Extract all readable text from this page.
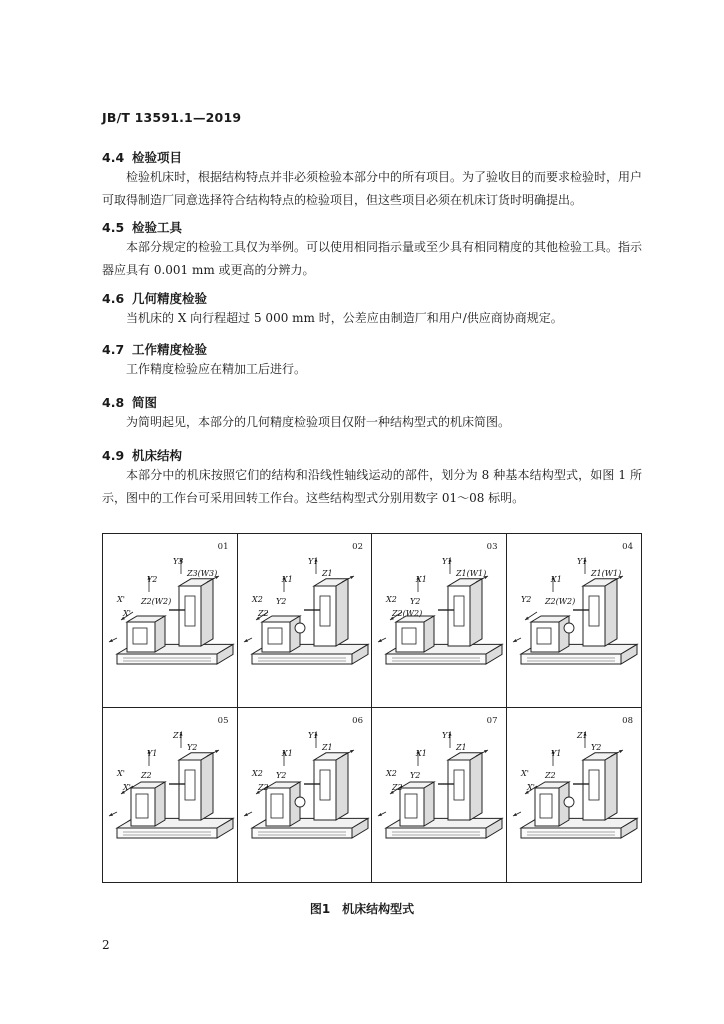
JB/T 13591.1—2019
4.4 检验项目

检验机床时，根据结构特点并非必须检验本部分中的所有项目。为了验收目的而要求检验时，用户可取得制造厂同意选择符合结构特点的检验项目，但这些项目必须在机床订货时明确提出。

4.5 检验工具

本部分规定的检验工具仅为举例。可以使用相同指示量或至少具有相同精度的其他检验工具。指示器应具有 0.001 mm 或更高的分辨力。

4.6 几何精度检验

当机床的 X 向行程超过 5 000 mm 时，公差应由制造厂和用户/供应商协商规定。

4.7 工作精度检验

工作精度检验应在精加工后进行。

4.8 简图

为简明起见，本部分的几何精度检验项目仅附一种结构型式的机床简图。

4.9 机床结构

本部分中的机床按照它们的结构和沿线性轴线运动的部件，划分为 8 种基本结构型式，如图 1 所示，图中的工作台可采用回转工作台。这些结构型式分别用数字 01～08 标明。

01
Y2
Y3
Z3(W3)
X' Z2(W2)
X'
02
X1
Y1
Z1
X2 Y2
Z2
03
X1
Y1
Z1(W1)
X2 Y2
Z2(W2)
04
X1
Y1
Z1(W1)
Y2 Z2(W2)
05
Y1
Z1
Y2
X' Z2
X'
06
X1
Y1
Z1
X2 Y2
Z2
07
X1
Y1
Z1
X2 Y2
Z2
08
Y1
Z1
Y2
X' Z2
X'
图1　机床结构型式
2
